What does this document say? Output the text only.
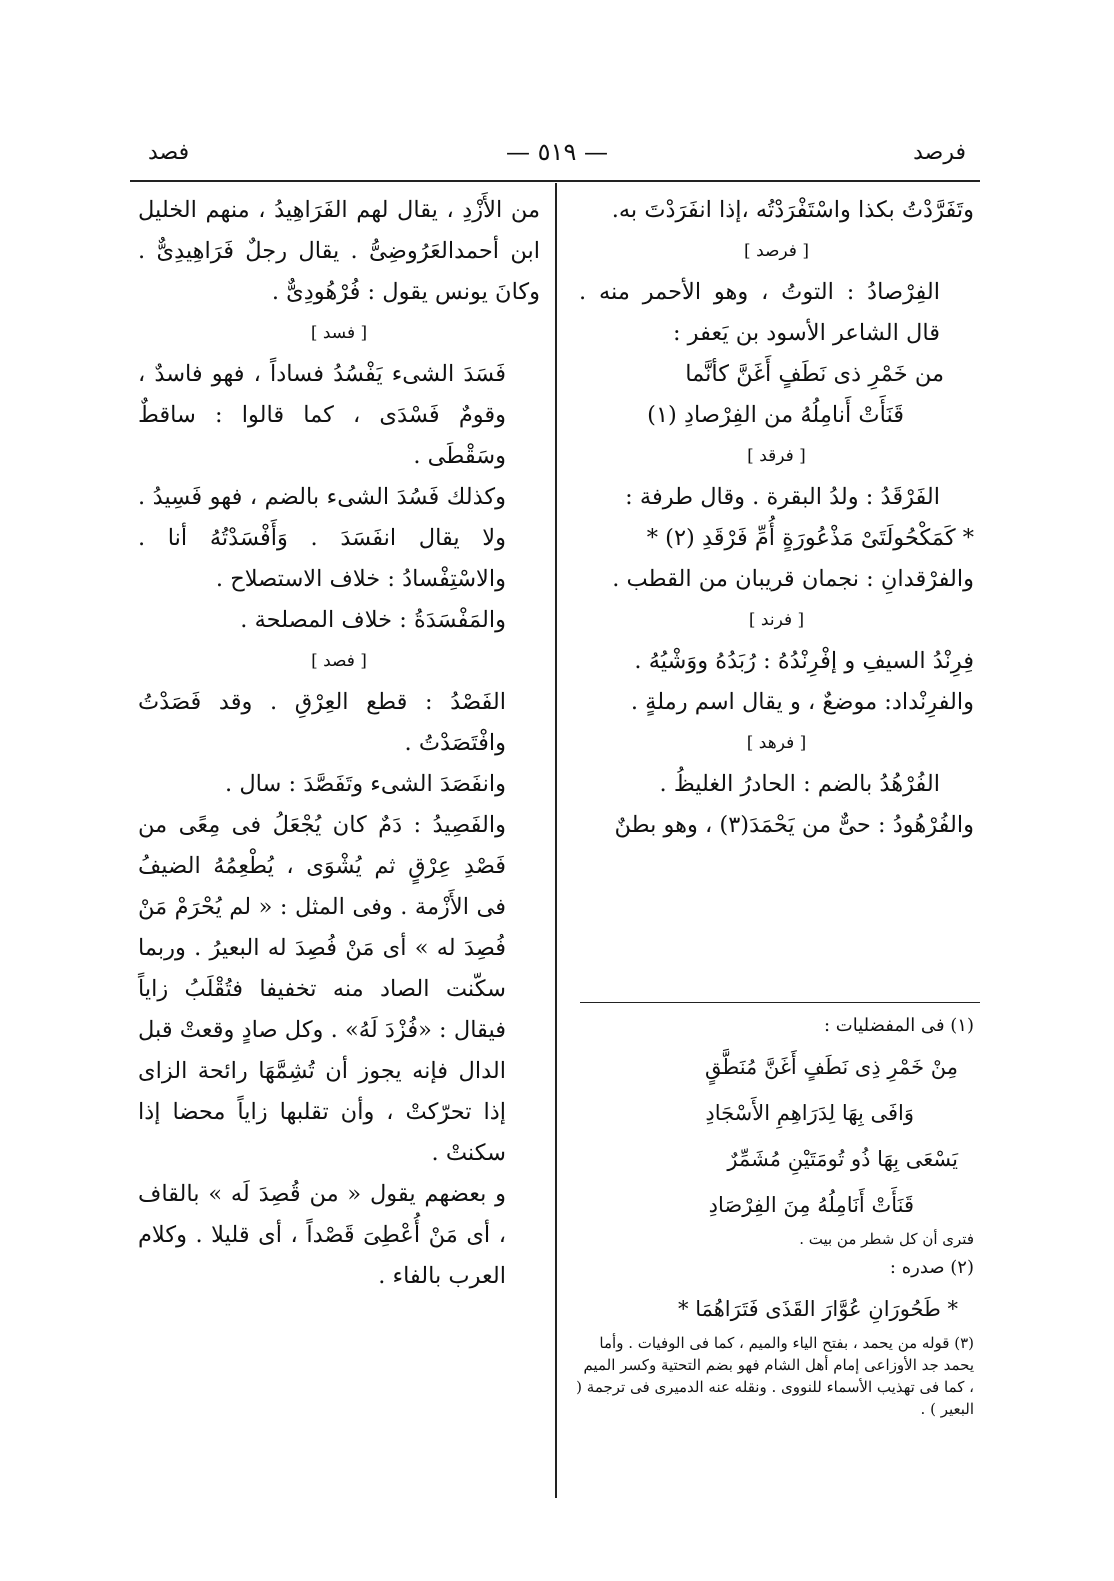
فرصد
— ٥١٩ —
فصد

وتَفَرَّدْتُ بكذا واسْتَفْرَدْتُه ،إذا انفَرَدْتَ به.

[ فرصد ]

الفِرْصادُ : التوتُ ، وهو الأحمر منه . قال الشاعر الأسود بن يَعفر :

من خَمْرِ ذى نَطَفٍ أَغَنَّ كأنَّما

قَنَأَتْ أَنامِلُهُ من الفِرْصادِ (١)

[ فرقد ]

الفَرْقَدُ : ولدُ البقرة . وقال طرفة :

* كَمَكْحُولَتَىْ مَذْعُورَةٍ أُمِّ فَرْقَدِ (٢) *

والفرْقدانِ : نجمان قريبان من القطب .

[ فرند ]

فِرِنْدُ السيفِ و إفْرِنْدُهُ : رُبَدُهُ ووَشْيُهُ .

والفرِنْداد: موضعٌ ، و يقال اسم رملةٍ .

[ فرهد ]

الفُرْهُدُ بالضم : الحادرُ الغليظُ .

والفُرْهُودُ : حىٌّ من يَحْمَدَ(٣) ، وهو بطنٌ

(١) فى المفضليات :

مِنْ خَمْرِ ذِى نَطَفٍ أَغَنَّ مُنَطَّقٍ

وَافَى بِهَا لِدَرَاهِمِ الأَسْجَادِ

يَسْعَى بِهَا ذُو تُومَتَيْنِ مُشَمِّرٌ

قَنَأَتْ أَنَامِلُهُ مِنَ الفِرْصَادِ

فترى أن كل شطر من بيت .

(٢) صدره :

* طَحُورَانِ عُوَّارَ القَذَى فَتَرَاهُمَا *

(٣) قوله من يحمد ، بفتح الياء والميم ، كما فى الوفيات . وأما يحمد جد الأوزاعى إمام أهل الشام فهو بضم التحتية وكسر الميم ، كما فى تهذيب الأسماء للنووى . ونقله عنه الدميرى فى ترجمة ( البعير ) .

من الأَزْدِ ، يقال لهم الفَرَاهِيدُ ، منهم الخليل ابن أحمدالعَرُوضِىُّ . يقال رجلٌ فَرَاهِيدِىٌّ . وكانَ يونس يقول : فُرْهُودِىٌّ .

[ فسد ]

فَسَدَ الشىء يَفْسُدُ فساداً ، فهو فاسدٌ ، وقومٌ فَسْدَى ، كما قالوا : ساقطٌ وسَقْطَى .

وكذلك فَسُدَ الشىء بالضم ، فهو فَسِيدُ . ولا يقال انفَسَدَ . وَأَفْسَدْتُهُ أنا . والاسْتِفْسادُ : خلاف الاستصلاح .

والمَفْسَدَةُ : خلاف المصلحة .

[ فصد ]

الفَصْدُ : قطع العِرْقِ . وقد فَصَدْتُ وافْتَصَدْتُ .

وانفَصَدَ الشىء وتَفَصَّدَ : سال .

والفَصِيدُ : دَمٌ كان يُجْعَلُ فى مِعًى من فَصْدِ عِرْقٍ ثم يُشْوَى ، يُطْعِمُهُ الضيفُ فى الأَزْمة . وفى المثل : « لم يُحْرَمْ مَنْ فُصِدَ له » أى مَنْ فُصِدَ له البعيرُ . وربما سكّنت الصاد منه تخفيفا فتُقْلَبُ زاياً فيقال : «فُزْدَ لَهُ» . وكل صادٍ وقعتْ قبل الدال فإنه يجوز أن تُشِمَّهَا رائحة الزاى إذا تحرّكتْ ، وأن تقلبها زاياً محضا إذا سكنتْ .

و بعضهم يقول « من قُصِدَ لَه » بالقاف ، أى مَنْ أُعْطِىَ قَصْداً ، أى قليلا . وكلام العرب بالفاء .
